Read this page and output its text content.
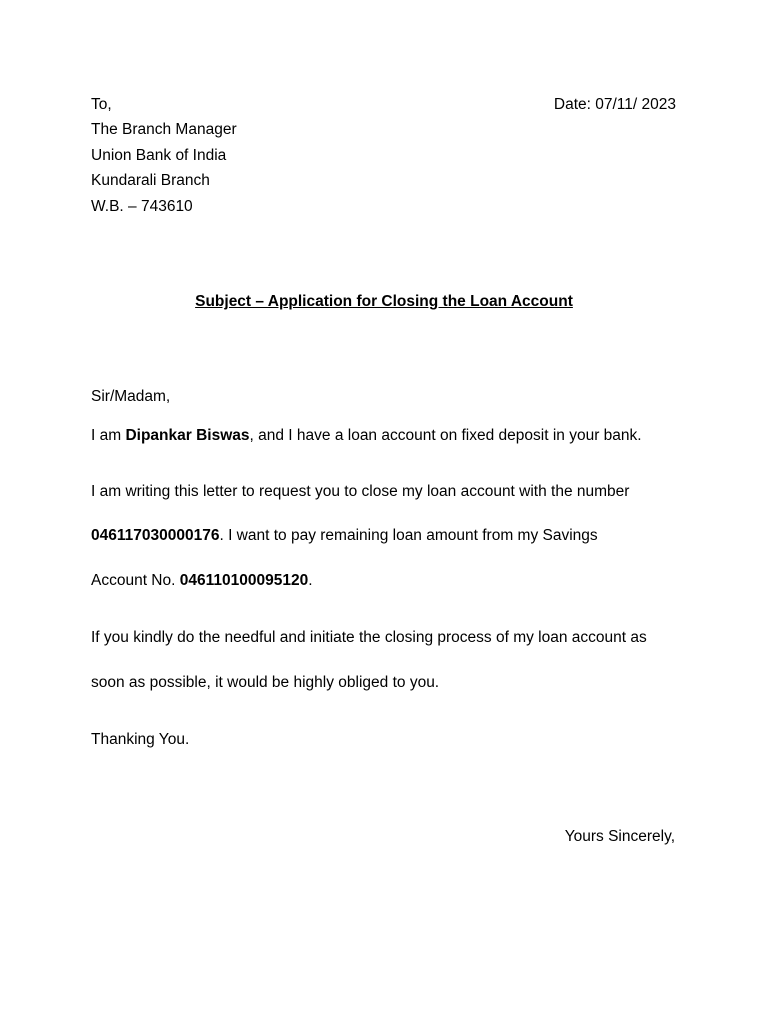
To,	Date: 07/11/ 2023
The Branch Manager
Union Bank of India
Kundarali Branch
W.B. – 743610
Subject – Application for Closing the Loan Account
Sir/Madam,
I am Dipankar Biswas, and I have a loan account on fixed deposit in your bank.
I am writing this letter to request you to close my loan account with the number
046117030000176. I want to pay remaining loan amount from my Savings
Account No. 046110100095120.
If you kindly do the needful and initiate the closing process of my loan account as
soon as possible, it would be highly obliged to you.
Thanking You.
Yours Sincerely,
